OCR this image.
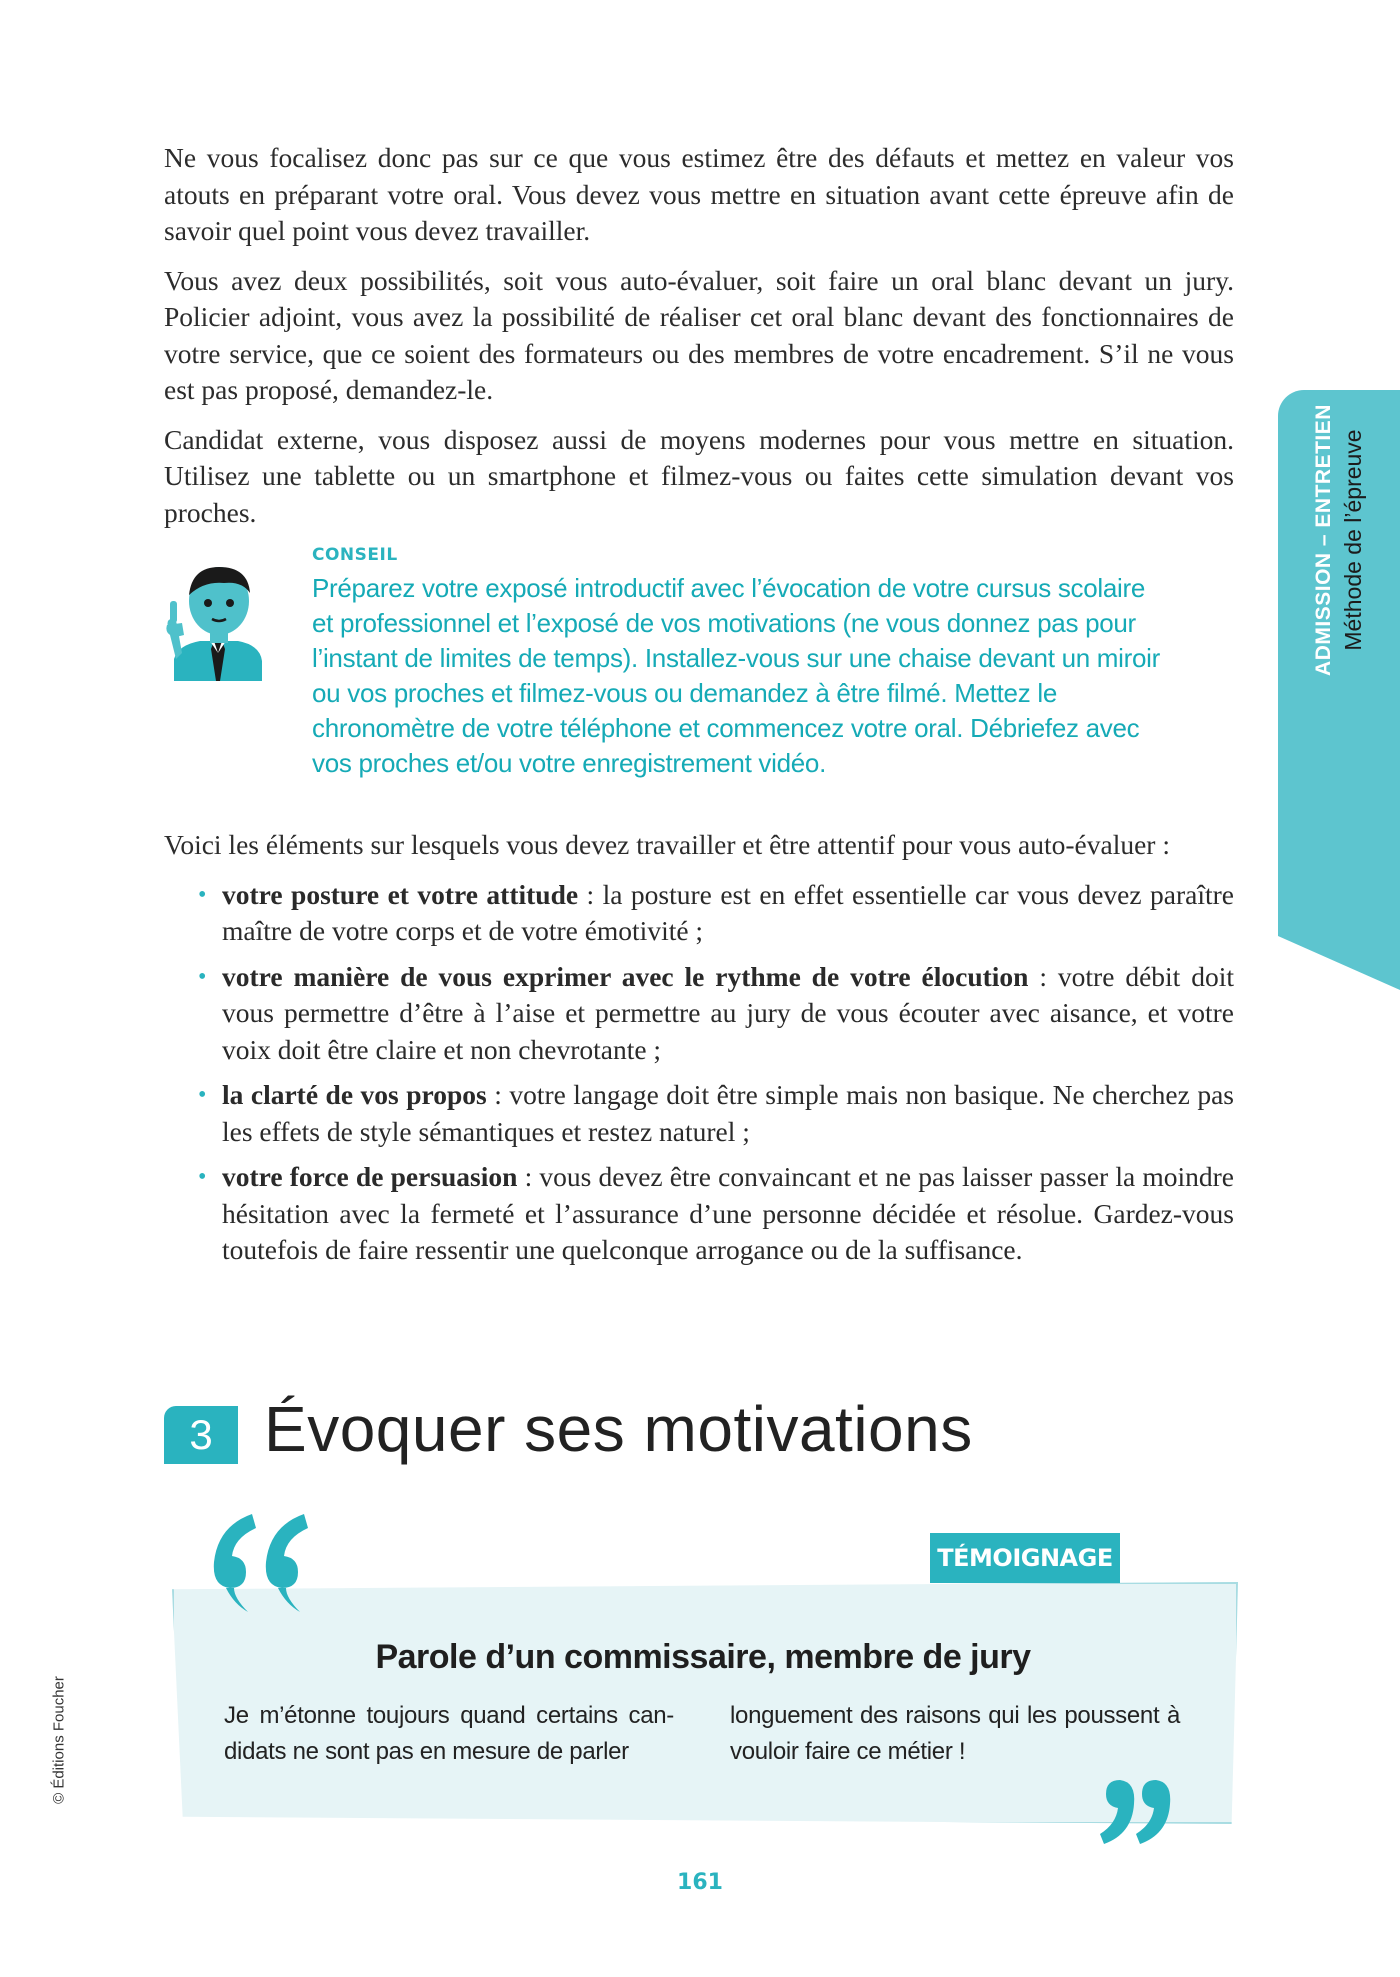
ADMISSION – ENTRETIEN Méthode de l’épreuve
© Éditions Foucher

Ne vous focalisez donc pas sur ce que vous estimez être des défauts et mettez en valeur vos atouts en préparant votre oral. Vous devez vous mettre en situation avant cette épreuve afin de savoir quel point vous devez travailler.

Vous avez deux possibilités, soit vous auto-évaluer, soit faire un oral blanc devant un jury. Policier adjoint, vous avez la possibilité de réaliser cet oral blanc devant des fonctionnaires de votre service, que ce soient des formateurs ou des membres de votre encadrement. S’il ne vous est pas proposé, demandez-le.

Candidat externe, vous disposez aussi de moyens modernes pour vous mettre en situation. Utilisez une tablette ou un smartphone et filmez-vous ou faites cette simulation devant vos proches.

CONSEIL

Préparez votre exposé introductif avec l’évocation de votre cursus scolaire et professionnel et l’exposé de vos motivations (ne vous donnez pas pour l’instant de limites de temps). Installez-vous sur une chaise devant un miroir ou vos proches et filmez-vous ou demandez à être filmé. Mettez le chronomètre de votre téléphone et commencez votre oral. Débriefez avec vos proches et/ou votre enregistrement vidéo.

Voici les éléments sur lesquels vous devez travailler et être attentif pour vous auto-évaluer :

• votre posture et votre attitude : la posture est en effet essentielle car vous devez paraître maître de votre corps et de votre émotivité ;
• votre manière de vous exprimer avec le rythme de votre élocution : votre débit doit vous permettre d’être à l’aise et permettre au jury de vous écouter avec aisance, et votre voix doit être claire et non chevrotante ;
• la clarté de vos propos : votre langage doit être simple mais non basique. Ne cherchez pas les effets de style sémantiques et restez naturel ;
• votre force de persuasion : vous devez être convaincant et ne pas laisser passer la moindre hésitation avec la fermeté et l’assurance d’une personne décidée et résolue. Gardez-vous toutefois de faire ressentir une quelconque arrogance ou de la suffisance.
3 Évoquer ses motivations
TÉMOIGNAGE
Parole d’un commissaire, membre de jury
Je m’étonne toujours quand certains can-didats ne sont pas en mesure de parler
longuement des raisons qui les poussent à vouloir faire ce métier !
161
